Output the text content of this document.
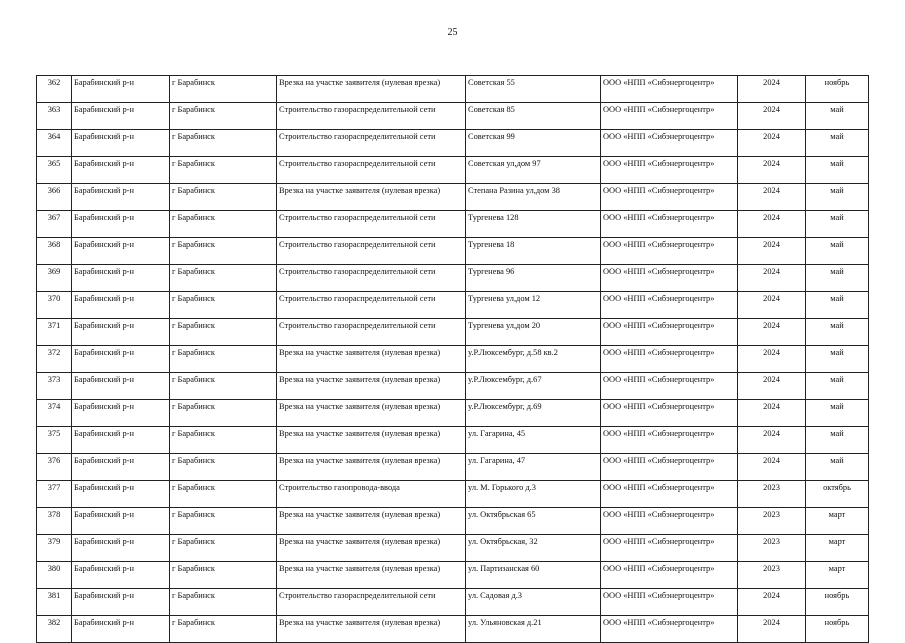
25
362	Барабинский р-н	г Барабинск	Врезка на участке заявителя (нулевая врезка)	Советская 55	ООО «НПП «Сибэнергоцентр»	2024	ноябрь
363	Барабинский р-н	г Барабинск	Строительство газораспределительной сети	Советская 85	ООО «НПП «Сибэнергоцентр»	2024	май
364	Барабинский р-н	г Барабинск	Строительство газораспределительной сети	Советская 99	ООО «НПП «Сибэнергоцентр»	2024	май
365	Барабинский р-н	г Барабинск	Строительство газораспределительной сети	Советская ул,дом 97	ООО «НПП «Сибэнергоцентр»	2024	май
366	Барабинский р-н	г Барабинск	Врезка на участке заявителя (нулевая врезка)	Степана Разина ул,дом 38	ООО «НПП «Сибэнергоцентр»	2024	май
367	Барабинский р-н	г Барабинск	Строительство газораспределительной сети	Тургенева 128	ООО «НПП «Сибэнергоцентр»	2024	май
368	Барабинский р-н	г Барабинск	Строительство газораспределительной сети	Тургенева 18	ООО «НПП «Сибэнергоцентр»	2024	май
369	Барабинский р-н	г Барабинск	Строительство газораспределительной сети	Тургенева 96	ООО «НПП «Сибэнергоцентр»	2024	май
370	Барабинский р-н	г Барабинск	Строительство газораспределительной сети	Тургенева ул,дом 12	ООО «НПП «Сибэнергоцентр»	2024	май
371	Барабинский р-н	г Барабинск	Строительство газораспределительной сети	Тургенева ул,дом 20	ООО «НПП «Сибэнергоцентр»	2024	май
372	Барабинский р-н	г Барабинск	Врезка на участке заявителя (нулевая врезка)	у.Р.Люксембург, д.58 кв.2	ООО «НПП «Сибэнергоцентр»	2024	май
373	Барабинский р-н	г Барабинск	Врезка на участке заявителя (нулевая врезка)	у.Р.Люксембург, д.67	ООО «НПП «Сибэнергоцентр»	2024	май
374	Барабинский р-н	г Барабинск	Врезка на участке заявителя (нулевая врезка)	у.Р.Люксембург, д.69	ООО «НПП «Сибэнергоцентр»	2024	май
375	Барабинский р-н	г Барабинск	Врезка на участке заявителя (нулевая врезка)	ул. Гагарина, 45	ООО «НПП «Сибэнергоцентр»	2024	май
376	Барабинский р-н	г Барабинск	Врезка на участке заявителя (нулевая врезка)	ул. Гагарина, 47	ООО «НПП «Сибэнергоцентр»	2024	май
377	Барабинский р-н	г Барабинск	Строительство газопровода-ввода	ул. М. Горького д.3	ООО «НПП «Сибэнергоцентр»	2023	октябрь
378	Барабинский р-н	г Барабинск	Врезка на участке заявителя (нулевая врезка)	ул. Октябрьская 65	ООО «НПП «Сибэнергоцентр»	2023	март
379	Барабинский р-н	г Барабинск	Врезка на участке заявителя (нулевая врезка)	ул. Октябрьская, 32	ООО «НПП «Сибэнергоцентр»	2023	март
380	Барабинский р-н	г Барабинск	Врезка на участке заявителя (нулевая врезка)	ул. Партизанская 60	ООО «НПП «Сибэнергоцентр»	2023	март
381	Барабинский р-н	г Барабинск	Строительство газораспределительной сети	ул. Садовая д.3	ООО «НПП «Сибэнергоцентр»	2024	ноябрь
382	Барабинский р-н	г Барабинск	Врезка на участке заявителя (нулевая врезка)	ул. Ульяновская д.21	ООО «НПП «Сибэнергоцентр»	2024	ноябрь
